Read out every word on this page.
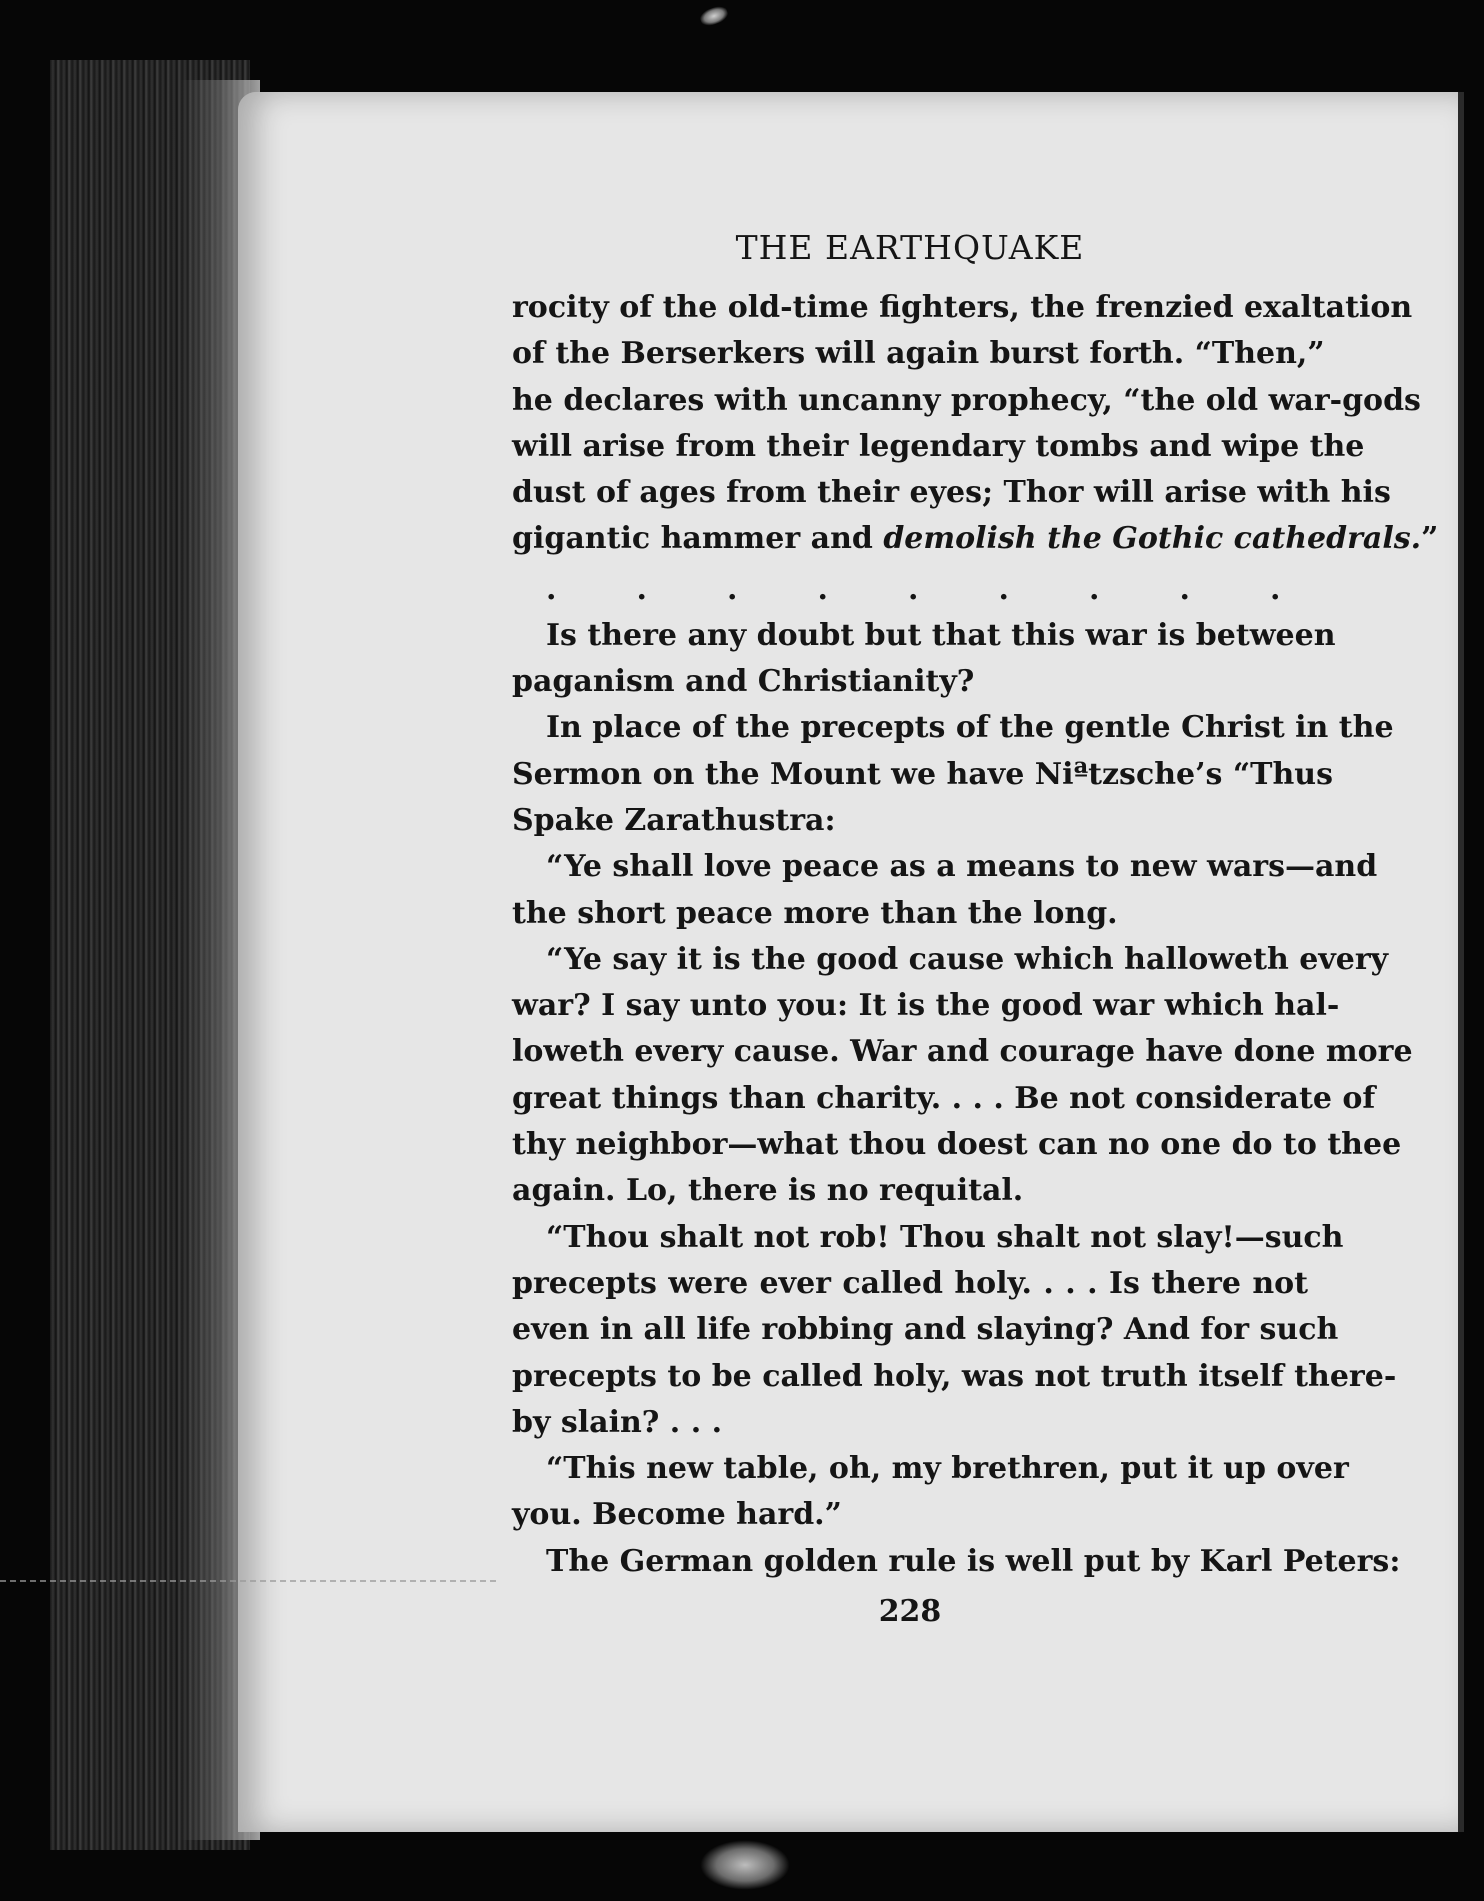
THE EARTHQUAKE

rocity of the old-time fighters, the frenzied exaltation
of the Berserkers will again burst forth. “Then,”
he declares with uncanny prophecy, “the old war-gods
will arise from their legendary tombs and wipe the
dust of ages from their eyes; Thor will arise with his
gigantic hammer and demolish the Gothic cathedrals.”

.	.	.	.	.	.	.	.	.

Is there any doubt but that this war is between
paganism and Christianity?

In place of the precepts of the gentle Christ in the
Sermon on the Mount we have Niªtzsche’s “Thus
Spake Zarathustra:

“Ye shall love peace as a means to new wars—and
the short peace more than the long.

“Ye say it is the good cause which halloweth every
war? I say unto you: It is the good war which hal-
loweth every cause. War and courage have done more
great things than charity. . . . Be not considerate of
thy neighbor—what thou doest can no one do to thee
again. Lo, there is no requital.

“Thou shalt not rob! Thou shalt not slay!—such
precepts were ever called holy. . . . Is there not
even in all life robbing and slaying? And for such
precepts to be called holy, was not truth itself there-
by slain? . . .

“This new table, oh, my brethren, put it up over
you. Become hard.”

The German golden rule is well put by Karl Peters:

228
